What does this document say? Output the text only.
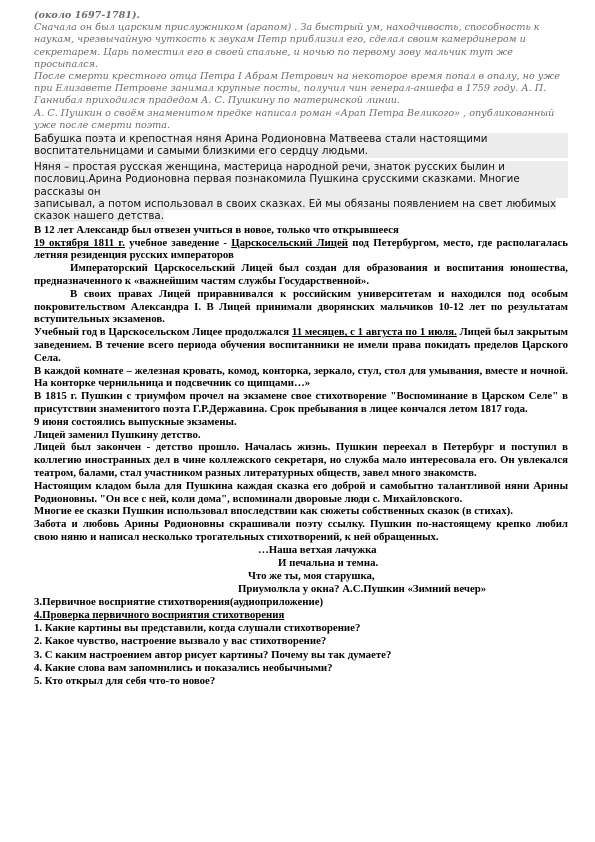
(около 1697-1781).

Сначала он был царским прислужником (арапом) . За быстрый ум, находчивость, способность к наукам, чрезвычайную чуткость к звукам Петр приблизил его, сделал своим камердинером и секретарем. Царь поместил его в своей спальне, и ночью по первому зову мальчик тут же просыпался.

После смерти крестного отца Петра I Абрам Петрович на некоторое время попал в опалу, но уже при Елизавете Петровне занимал крупные посты, получил чин генерал-аншефа в 1759 году. А. П. Ганнибал приходился прадедом А. С. Пушкину по материнской линии.

А. С. Пушкин о своём знаменитом предке написал роман «Арап Петра Великого» , опубликованный уже после смерти поэта.

Бабушка поэта и крепостная няня Арина Родионовна Матвеева стали настоящими воспитательницами и самыми близкими его сердцу людьми.

Няня – простая русская женщина, мастерица народной речи, знаток русских былин и пословиц.Арина Родионовна первая познакомила Пушкина срусскими сказками. Многие рассказы он

записывал, а потом использовал в своих сказках. Ей мы обязаны появлением на свет любимых сказок нашего детства.

В 12 лет Александр был отвезен учиться в новое, только что открывшееся

19 октября 1811 г. учебное заведение - Царскосельский Лицей под Петербургом, место, где располагалась летняя резиденция русских императоров

Императорский Царскосельский Лицей был создан для образования и воспитания юношества, предназначенного к «важнейшим частям службы Государственной».

В своих правах Лицей приравнивался к российским университетам и находился под особым покровительством Александра I. В Лицей принимали дворянских мальчиков 10-12 лет по результатам вступительных экзаменов.

Учебный год в Царскосельском Лицее продолжался 11 месяцев, с 1 августа по 1 июля. Лицей был закрытым заведением. В течение всего периода обучения воспитанники не имели права покидать пределов Царского Села.

В каждой комнате – железная кровать, комод, конторка, зеркало, стул, стол для умывания, вместе и ночной. На конторке чернильница и подсвечник со щипцами…»

В 1815 г. Пушкин с триумфом прочел на экзамене свое стихотворение "Воспоминание в Царском Селе" в присутствии знаменитого поэта Г.Р.Державина. Срок пребывания в лицее кончался летом 1817 года.

9 июня состоялись выпускные экзамены.

Лицей заменил Пушкину детство.

Лицей был закончен - детство прошло. Началась жизнь. Пушкин переехал в Петербург и поступил в коллегию иностранных дел в чине коллежского секретаря, но служба мало интересовала его. Он увлекался театром, балами, стал участником разных литературных обществ, завел много знакомств.

Настоящим кладом была для Пушкина каждая сказка его доброй и самобытно талантливой няни Арины Родионовны. "Он все с ней, коли дома", вспоминали дворовые люди с. Михайловского.

Многие ее сказки Пушкин использовал впоследствии как сюжеты собственных сказок (в стихах).

Забота и любовь Арины Родионовны скрашивали поэту ссылку. Пушкин по-настоящему крепко любил свою няню и написал несколько трогательных стихотворений, к ней обращенных.

…Наша ветхая лачужка
И печальна и темна.
Что же ты, моя старушка,
Приумолкла у окна? А.С.Пушкин «Зимний вечер»

3.Первичное восприятие стихотворения(аудиоприложение)

4.Проверка первичного восприятия стихотворения

1. Какие картины вы представили, когда слушали стихотворение?

2. Какое чувство, настроение вызвало у вас стихотворение?

3. С каким настроением автор рисует картины? Почему вы так думаете?

4. Какие слова вам запомнились и показались необычными?

5. Кто открыл для себя что-то новое?
